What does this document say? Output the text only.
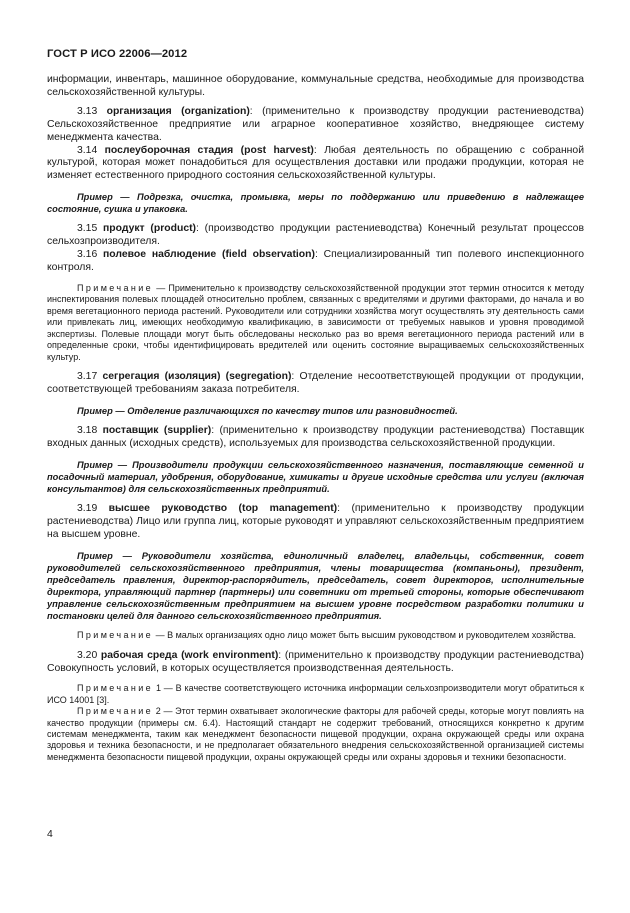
ГОСТ Р ИСО 22006—2012

информации, инвентарь, машинное оборудование, коммунальные средства, необходимые для производства сельскохозяйственной культуры.

3.13 организация (organization): (применительно к производству продукции растениеводства) Сельскохозяйственное предприятие или аграрное кооперативное хозяйство, внедряющее систему менеджмента качества.

3.14 послеуборочная стадия (post harvest): Любая деятельность по обращению с собранной культурой, которая может понадобиться для осуществления доставки или продажи продукции, которая не изменяет естественного природного состояния сельскохозяйственной культуры.

Пример — Подрезка, очистка, промывка, меры по поддержанию или приведению в надлежащее состояние, сушка и упаковка.

3.15 продукт (product): (производство продукции растениеводства) Конечный результат процессов сельхозпроизводителя.

3.16 полевое наблюдение (field observation): Специализированный тип полевого инспекционного контроля.

Примечание — Применительно к производству сельскохозяйственной продукции этот термин относится к методу инспектирования полевых площадей относительно проблем, связанных с вредителями и другими факторами, до начала и во время вегетационного периода растений. Руководители или сотрудники хозяйства могут осуществлять эту деятельность сами или привлекать лиц, имеющих необходимую квалификацию, в зависимости от требуемых навыков и уровня проводимой экспертизы. Полевые площади могут быть обследованы несколько раз во время вегетационного периода растений или в определенные сроки, чтобы идентифицировать вредителей или оценить состояние выращиваемых сельскохозяйственных культур.

3.17 сегрегация (изоляция) (segregation): Отделение несоответствующей продукции от продукции, соответствующей требованиям заказа потребителя.

Пример — Отделение различающихся по качеству типов или разновидностей.

3.18 поставщик (supplier): (применительно к производству продукции растениеводства) Поставщик входных данных (исходных средств), используемых для производства сельскохозяйственной продукции.

Пример — Производители продукции сельскохозяйственного назначения, поставляющие семенной и посадочный материал, удобрения, оборудование, химикаты и другие исходные средства или услуги (включая консультантов) для сельскохозяйственных предприятий.

3.19 высшее руководство (top management): (применительно к производству продукции растениеводства) Лицо или группа лиц, которые руководят и управляют сельскохозяйственным предприятием на высшем уровне.

Пример — Руководители хозяйства, единоличный владелец, владельцы, собственник, совет руководителей сельскохозяйственного предприятия, члены товарищества (компаньоны), президент, председатель правления, директор-распорядитель, председатель, совет директоров, исполнительные директора, управляющий партнер (партнеры) или советники от третьей стороны, которые обеспечивают управление сельскохозяйственным предприятием на высшем уровне посредством разработки политики и постановки целей для данного сельскохозяйственного предприятия.

Примечание — В малых организациях одно лицо может быть высшим руководством и руководителем хозяйства.

3.20 рабочая среда (work environment): (применительно к производству продукции растениеводства) Совокупность условий, в которых осуществляется производственная деятельность.

Примечание 1 — В качестве соответствующего источника информации сельхозпроизводители могут обратиться к ИСО 14001 [3].

Примечание 2 — Этот термин охватывает экологические факторы для рабочей среды, которые могут повлиять на качество продукции (примеры см. 6.4). Настоящий стандарт не содержит требований, относящихся конкретно к другим системам менеджмента, таким как менеджмент безопасности пищевой продукции, охрана окружающей среды или охрана здоровья и техника безопасности, и не предполагает обязательного внедрения сельскохозяйственной организацией системы менеджмента безопасности пищевой продукции, охраны окружающей среды или охраны здоровья и техники безопасности.

4
